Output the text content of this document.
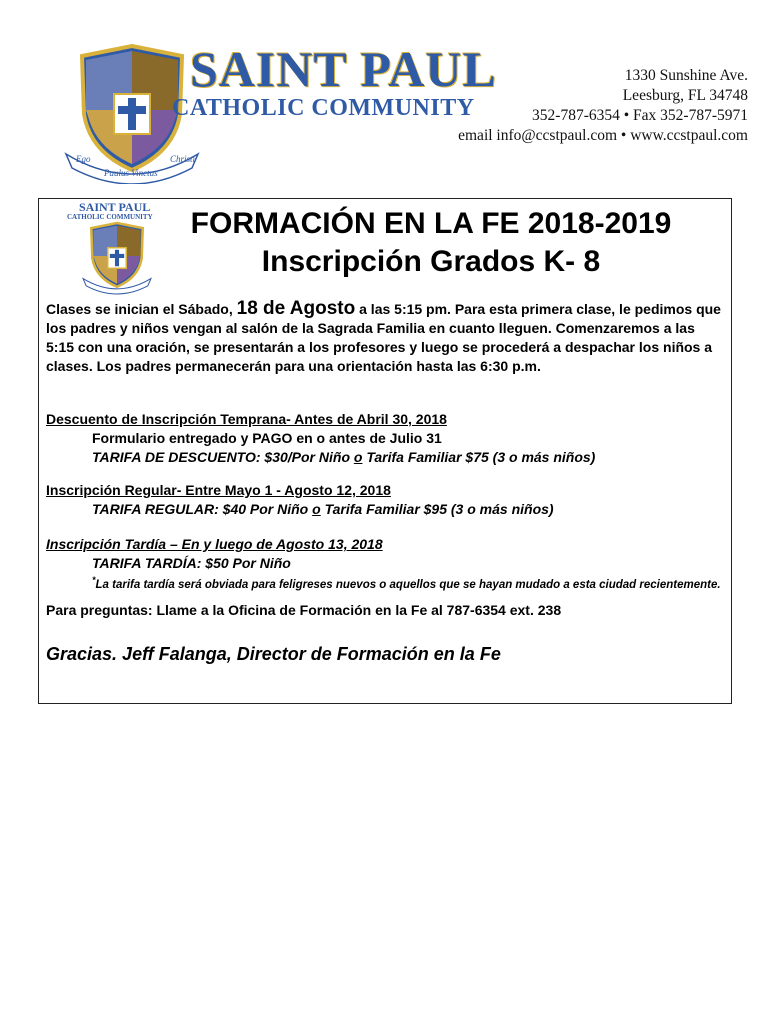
Ego
Paulus Vinctus
Christi
SAINT PAUL
CATHOLIC COMMUNITY
1330 Sunshine Ave.
Leesburg, FL 34748
352-787-6354 • Fax 352-787-5971
email info@ccstpaul.com • www.ccstpaul.com
SAINT PAUL
CATHOLIC COMMUNITY	FORMACIÓN EN LA FE 2018-2019
Inscripción Grados K- 8

Clases se inician el Sábado, 18 de Agosto a las 5:15 pm. Para esta primera clase, le pedimos que los padres y niños vengan al salón de la Sagrada Familia en cuanto lleguen. Comenzaremos a las 5:15 con una oración, se presentarán a los profesores y luego se procederá a despachar los niños a clases. Los padres permanecerán para una orientación hasta las 6:30 p.m.

Descuento de Inscripción Temprana- Antes de Abril 30, 2018
Formulario entregado y PAGO en o antes de Julio 31
TARIFA DE DESCUENTO: $30/Por Niño o Tarifa Familiar $75 (3 o más niños)
Inscripción Regular- Entre Mayo 1 - Agosto 12, 2018
TARIFA REGULAR: $40 Por Niño o Tarifa Familiar $95 (3 o más niños)
Inscripción Tardía – En y luego de Agosto 13, 2018
TARIFA TARDÍA: $50 Por Niño
*La tarifa tardía será obviada para feligreses nuevos o aquellos que se hayan mudado a esta ciudad recientemente.
Para preguntas: Llame a la Oficina de Formación en la Fe al 787-6354 ext. 238
Gracias. Jeff Falanga, Director de Formación en la Fe
